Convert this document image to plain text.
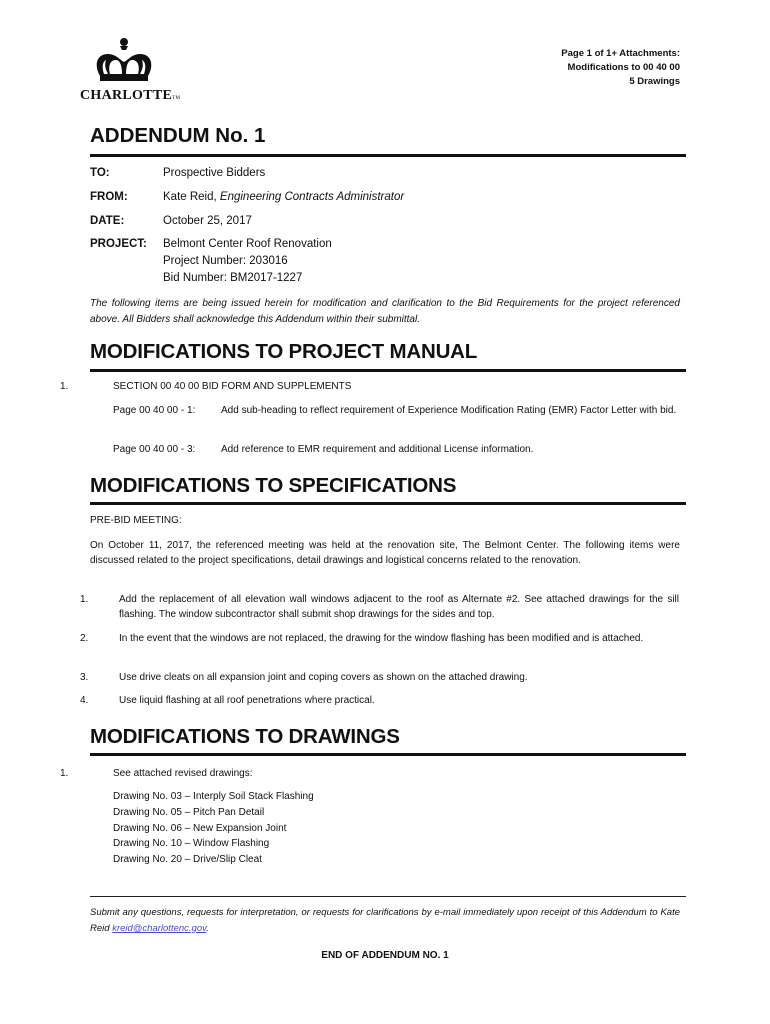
CHARLOTTETM
Page 1 of 1+ Attachments:
Modifications to 00 40 00
5 Drawings
ADDENDUM No. 1
TO:	Prospective Bidders
FROM:	Kate Reid, Engineering Contracts Administrator
DATE:	October 25, 2017
PROJECT: Belmont Center Roof Renovation
Project Number: 203016
Bid Number: BM2017-1227
The following items are being issued herein for modification and clarification to the Bid Requirements for the project referenced above. All Bidders shall acknowledge this Addendum within their submittal.
MODIFICATIONS TO PROJECT MANUAL
1.	SECTION 00 40 00 BID FORM AND SUPPLEMENTS
Page 00 40 00 - 1:	Add sub-heading to reflect requirement of Experience Modification Rating (EMR) Factor Letter with bid.
Page 00 40 00 - 3:	Add reference to EMR requirement and additional License information.
MODIFICATIONS TO SPECIFICATIONS
PRE-BID MEETING:
On October 11, 2017, the referenced meeting was held at the renovation site, The Belmont Center. The following items were discussed related to the project specifications, detail drawings and logistical concerns related to the renovation.
1.	Add the replacement of all elevation wall windows adjacent to the roof as Alternate #2. See attached drawings for the sill flashing. The window subcontractor shall submit shop drawings for the sides and top.
2.	In the event that the windows are not replaced, the drawing for the window flashing has been modified and is attached.
3.	Use drive cleats on all expansion joint and coping covers as shown on the attached drawing.
4.	Use liquid flashing at all roof penetrations where practical.
MODIFICATIONS TO DRAWINGS
1.	See attached revised drawings:
Drawing No. 03 – Interply Soil Stack Flashing
Drawing No. 05 – Pitch Pan Detail
Drawing No. 06 – New Expansion Joint
Drawing No. 10 – Window Flashing
Drawing No. 20 – Drive/Slip Cleat
Submit any questions, requests for interpretation, or requests for clarifications by e-mail immediately upon receipt of this Addendum to Kate Reid kreid@charlottenc.gov.
END OF ADDENDUM NO. 1
